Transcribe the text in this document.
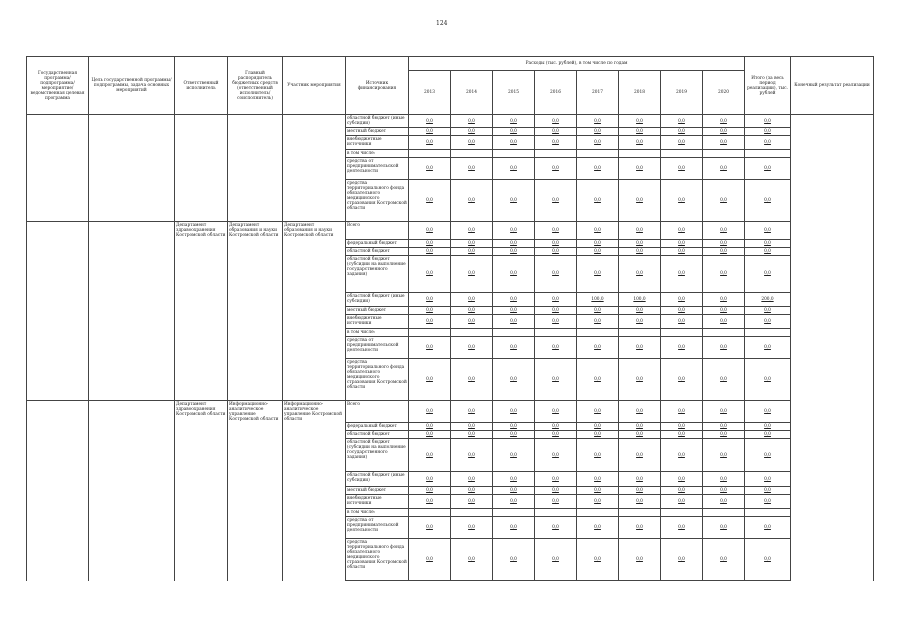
124
Государственная программа/подпрограмма/мероприятие/ведомственная целевая программа	Цель государственной программы/подпрограммы, задача основных мероприятий	Ответственный исполнитель	Главный распорядитель бюджетных средств (ответственный исполнитель/соисполнитель)	Участник мероприятия	Источник финансирования	Расходы (тыс. рублей), в том числе по годам								Итого (за весь период реализации), тыс. рублей	Конечный результат реализации
						2013	2014	2015	2016	2017	2018	2019	2020		
					областной бюджет (иные субсидии)	0,0	0,0	0,0	0,0	0,0	0,0	0,0	0,0	0,0	
					местный бюджет	0,0	0,0	0,0	0,0	0,0	0,0	0,0	0,0	0,0	
					внебюджетные источники	0,0	0,0	0,0	0,0	0,0	0,0	0,0	0,0	0,0	
					в том числе:										
					средства от предпринимательской деятельности	0,0	0,0	0,0	0,0	0,0	0,0	0,0	0,0	0,0	
					средства территориального фонда обязательного медицинского страхования Костромской области	0,0	0,0	0,0	0,0	0,0	0,0	0,0	0,0	0,0	
		Департамент здравоохранения Костромской области	Департамент образования и науки Костромской области	Департамент образования и науки Костромской области	Всего	0,0	0,0	0,0	0,0	0,0	0,0	0,0	0,0	0,0	
					федеральный бюджет	0,0	0,0	0,0	0,0	0,0	0,0	0,0	0,0	0,0	
					областной бюджет	0,0	0,0	0,0	0,0	0,0	0,0	0,0	0,0	0,0	
					областной бюджет (субсидии на выполнение государственного задания)	0,0	0,0	0,0	0,0	0,0	0,0	0,0	0,0	0,0	
					областной бюджет (иные субсидии)	0,0	0,0	0,0	0,0	100,0	100,0	0,0	0,0	200,0	
					местный бюджет	0,0	0,0	0,0	0,0	0,0	0,0	0,0	0,0	0,0	
					внебюджетные источники	0,0	0,0	0,0	0,0	0,0	0,0	0,0	0,0	0,0	
					в том числе:										
					средства от предпринимательской деятельности	0,0	0,0	0,0	0,0	0,0	0,0	0,0	0,0	0,0	
					средства территориального фонда обязательного медицинского страхования Костромской области	0,0	0,0	0,0	0,0	0,0	0,0	0,0	0,0	0,0	
		Департамент здравоохранения Костромской области	Информационно-аналитическое управление Костромской области	Информационно-аналитическое управление Костромской области	Всего	0,0	0,0	0,0	0,0	0,0	0,0	0,0	0,0	0,0	
					федеральный бюджет	0,0	0,0	0,0	0,0	0,0	0,0	0,0	0,0	0,0	
					областной бюджет	0,0	0,0	0,0	0,0	0,0	0,0	0,0	0,0	0,0	
					областной бюджет (субсидии на выполнение государственного задания)	0,0	0,0	0,0	0,0	0,0	0,0	0,0	0,0	0,0	
					областной бюджет (иные субсидии)	0,0	0,0	0,0	0,0	0,0	0,0	0,0	0,0	0,0	
					местный бюджет	0,0	0,0	0,0	0,0	0,0	0,0	0,0	0,0	0,0	
					внебюджетные источники	0,0	0,0	0,0	0,0	0,0	0,0	0,0	0,0	0,0	
					в том числе:										
					средства от предпринимательской деятельности	0,0	0,0	0,0	0,0	0,0	0,0	0,0	0,0	0,0	
					средства территориального фонда обязательного медицинского страхования Костромской области	0,0	0,0	0,0	0,0	0,0	0,0	0,0	0,0	0,0	
